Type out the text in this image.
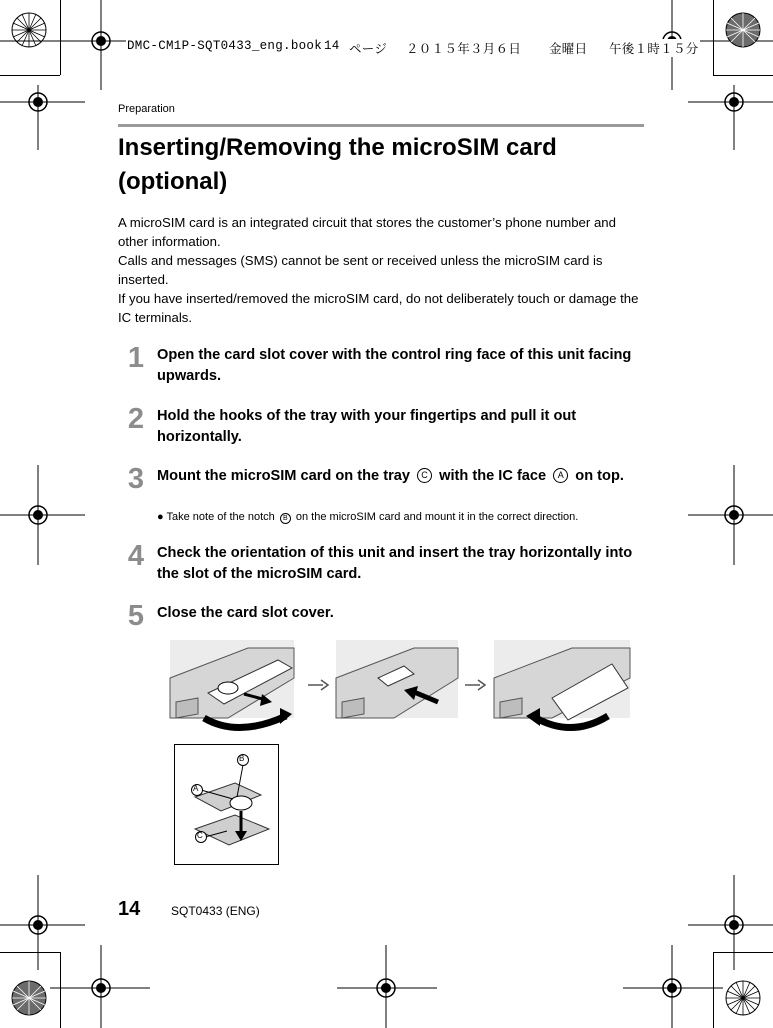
DMC-CM1P-SQT0433_eng.book 14 ページ ２０１５年３月６日 金曜日 午後１時１５分
Preparation
Inserting/Removing the microSIM card (optional)

A microSIM card is an integrated circuit that stores the customer’s phone number and other information.

Calls and messages (SMS) cannot be sent or received unless the microSIM card is inserted.

If you have inserted/removed the microSIM card, do not deliberately touch or damage the IC terminals.

1 Open the card slot cover with the control ring face of this unit facing upwards.
2 Hold the hooks of the tray with your fingertips and pull it out horizontally.
3 Mount the microSIM card on the tray C with the IC face A on top.
● Take note of the notch B on the microSIM card and mount it in the correct direction.
4 Check the orientation of this unit and insert the tray horizontally into the slot of the microSIM card.
5 Close the card slot cover.
B
A
C
14	SQT0433 (ENG)
